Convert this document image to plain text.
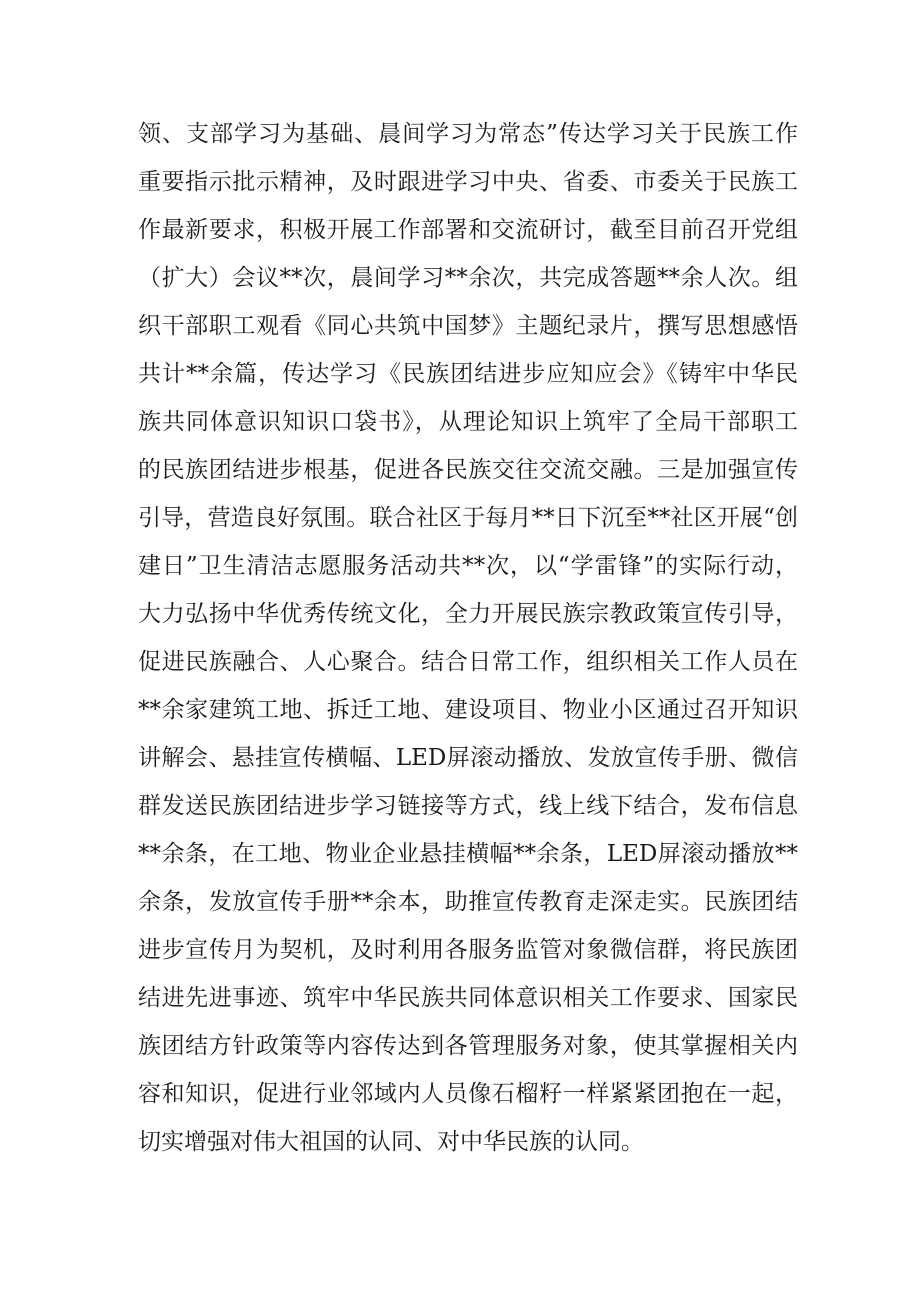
领、支部学习为基础、晨间学习为常态”传达学习关于民族工作
重要指示批示精神，及时跟进学习中央、省委、市委关于民族工
作最新要求，积极开展工作部署和交流研讨，截至目前召开党组
（扩大）会议**次，晨间学习**余次，共完成答题**余人次。组
织干部职工观看《同心共筑中国梦》主题纪录片，撰写思想感悟
共计**余篇，传达学习《民族团结进步应知应会》《铸牢中华民
族共同体意识知识口袋书》，从理论知识上筑牢了全局干部职工
的民族团结进步根基，促进各民族交往交流交融。三是加强宣传
引导，营造良好氛围。联合社区于每月**日下沉至**社区开展“创
建日”卫生清洁志愿服务活动共**次，以“学雷锋”的实际行动，
大力弘扬中华优秀传统文化，全力开展民族宗教政策宣传引导，
促进民族融合、人心聚合。结合日常工作，组织相关工作人员在
**余家建筑工地、拆迁工地、建设项目、物业小区通过召开知识
讲解会、悬挂宣传横幅、LED屏滚动播放、发放宣传手册、微信
群发送民族团结进步学习链接等方式，线上线下结合，发布信息
**余条，在工地、物业企业悬挂横幅**余条，LED屏滚动播放**
余条，发放宣传手册**余本，助推宣传教育走深走实。民族团结
进步宣传月为契机，及时利用各服务监管对象微信群，将民族团
结进先进事迹、筑牢中华民族共同体意识相关工作要求、国家民
族团结方针政策等内容传达到各管理服务对象，使其掌握相关内
容和知识，促进行业邻域内人员像石榴籽一样紧紧团抱在一起，
切实增强对伟大祖国的认同、对中华民族的认同。
